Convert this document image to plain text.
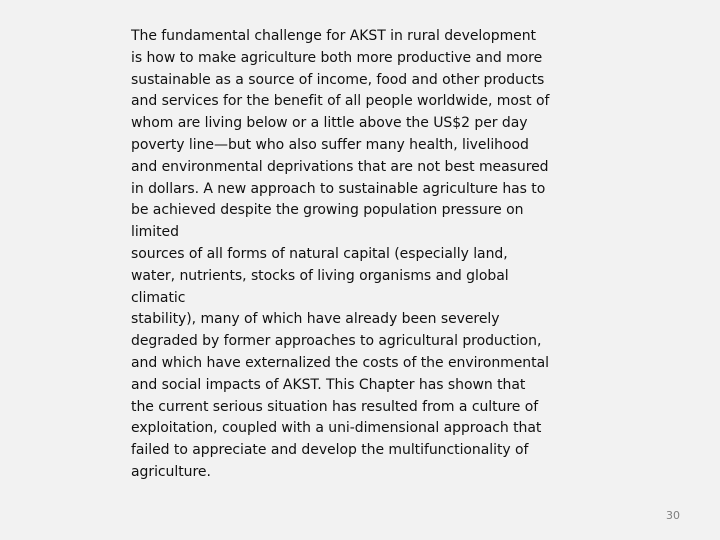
The fundamental challenge for AKST in rural development
is how to make agriculture both more productive and more
sustainable as a source of income, food and other products
and services for the benefit of all people worldwide, most of
whom are living below or a little above the US$2 per day
poverty line—but who also suffer many health, livelihood
and environmental deprivations that are not best measured
in dollars. A new approach to sustainable agriculture has to
be achieved despite the growing population pressure on
limited
sources of all forms of natural capital (especially land,
water, nutrients, stocks of living organisms and global
climatic
stability), many of which have already been severely
degraded by former approaches to agricultural production,
and which have externalized the costs of the environmental
and social impacts of AKST. This Chapter has shown that
the current serious situation has resulted from a culture of
exploitation, coupled with a uni-dimensional approach that
failed to appreciate and develop the multifunctionality of
agriculture.
30
